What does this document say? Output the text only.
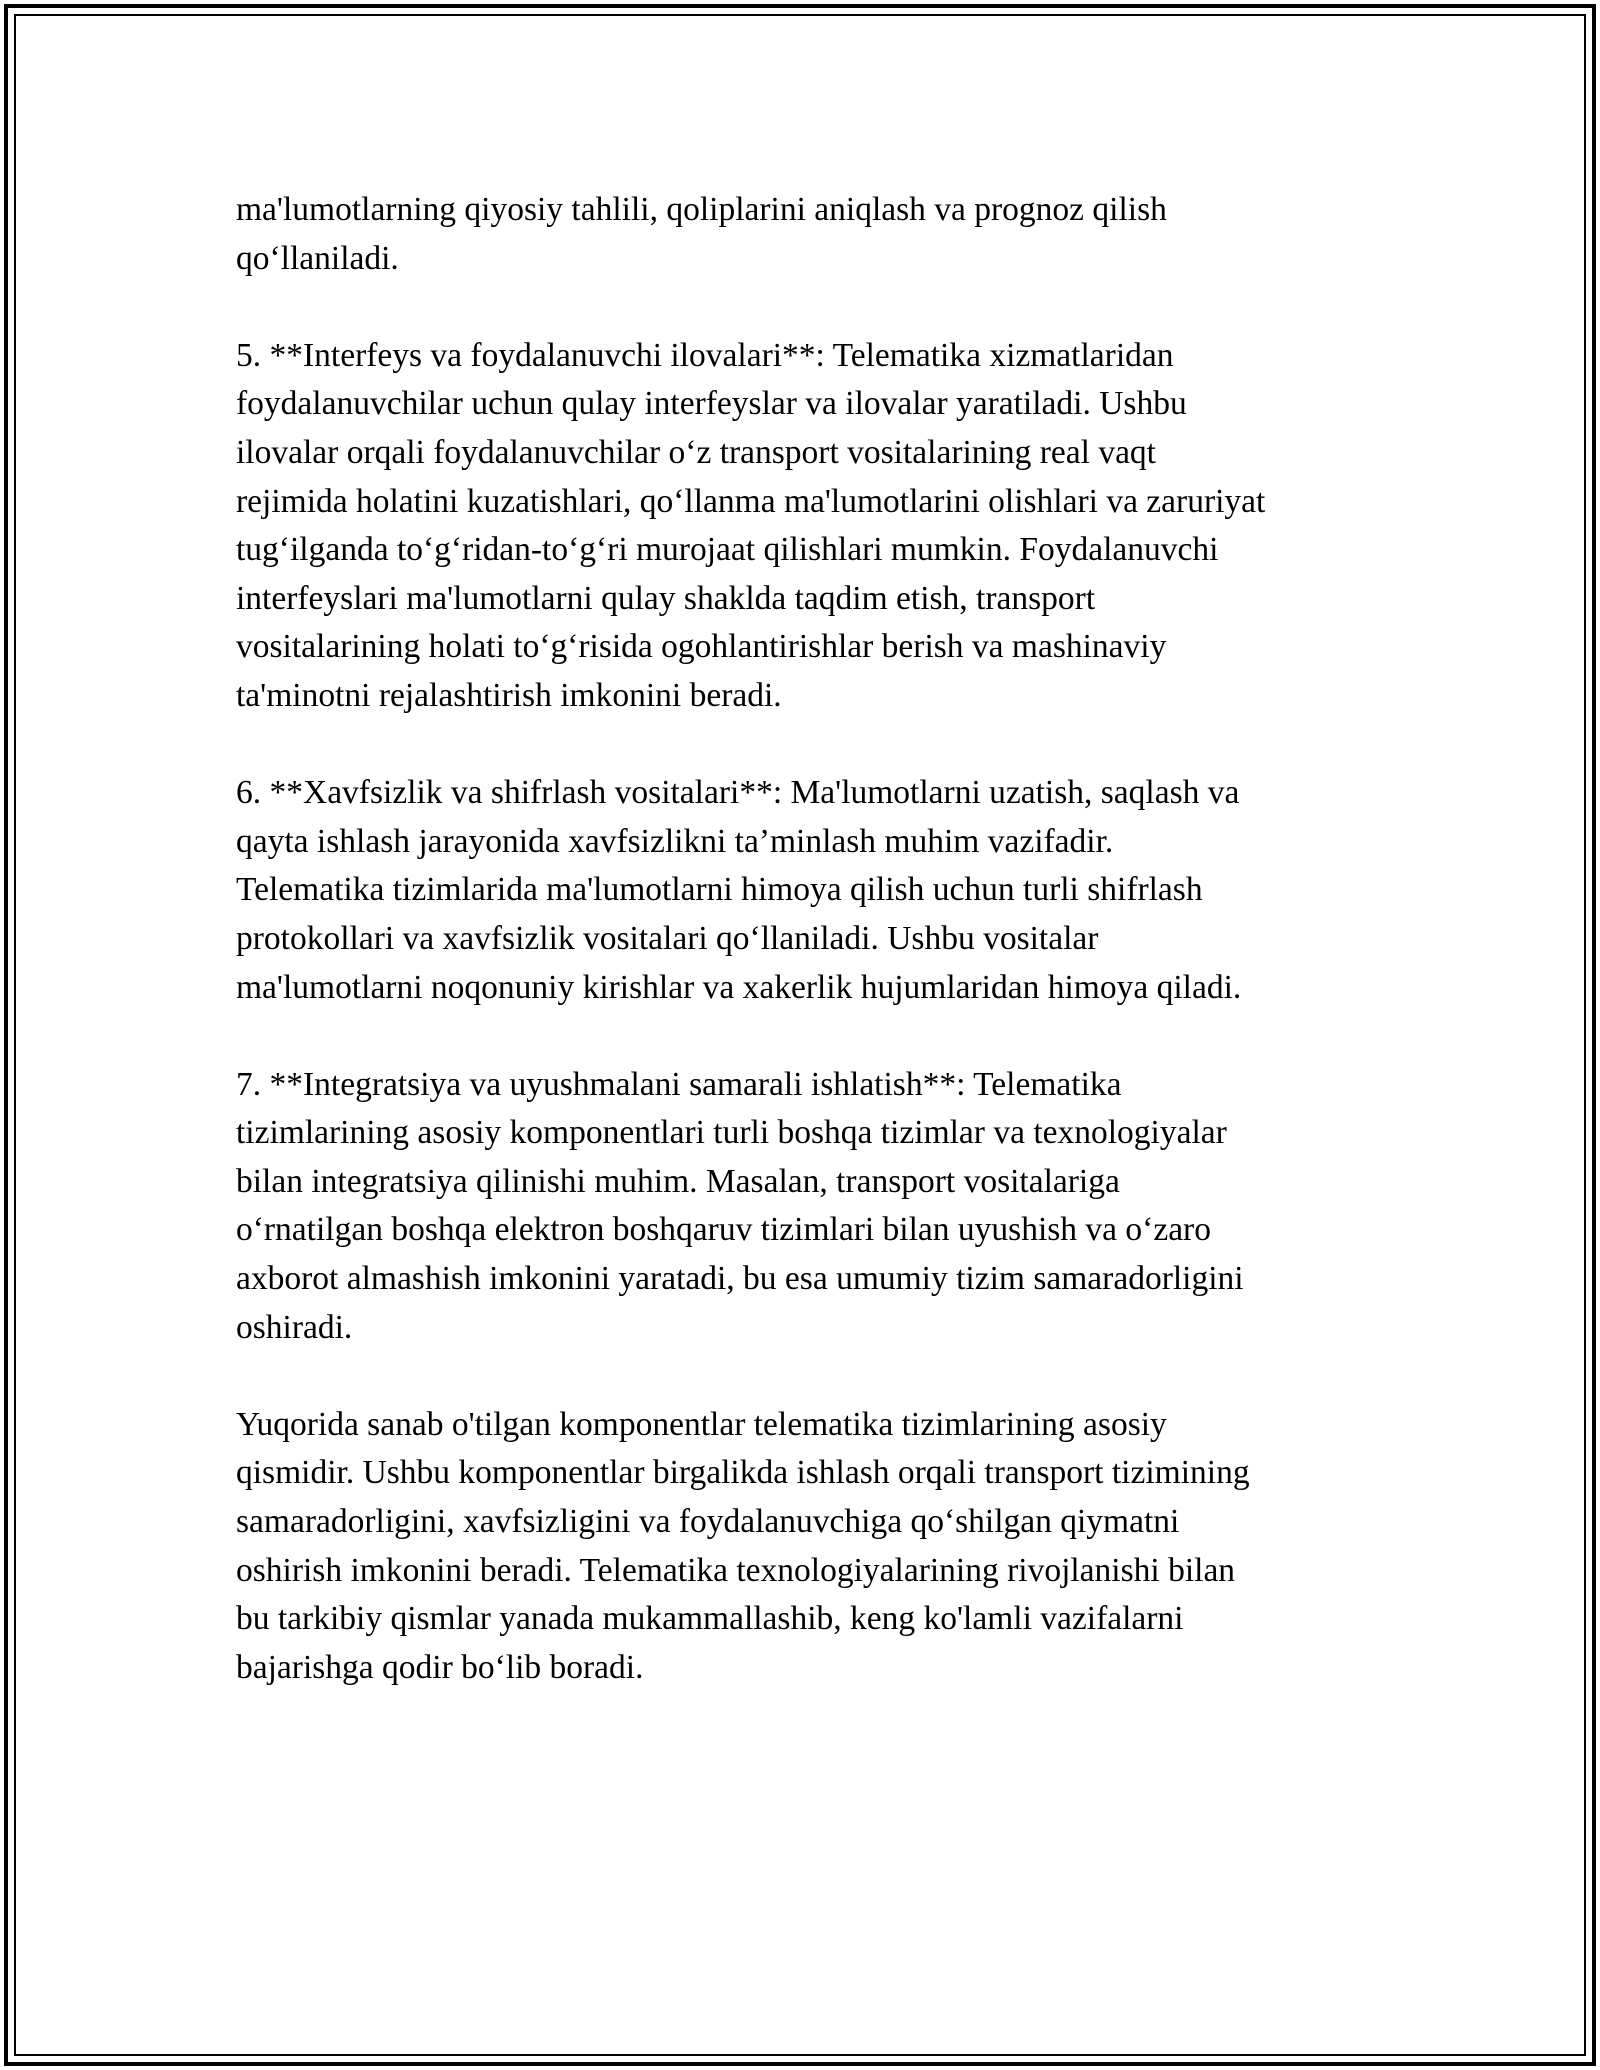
ma'lumotlarning qiyosiy tahlili, qoliplarini aniqlash va prognoz qilish
qo‘llaniladi.
5. **Interfeys va foydalanuvchi ilovalari**: Telematika xizmatlaridan
foydalanuvchilar uchun qulay interfeyslar va ilovalar yaratiladi. Ushbu
ilovalar orqali foydalanuvchilar o‘z transport vositalarining real vaqt
rejimida holatini kuzatishlari, qo‘llanma ma'lumotlarini olishlari va zaruriyat
tug‘ilganda to‘g‘ridan-to‘g‘ri murojaat qilishlari mumkin. Foydalanuvchi
interfeyslari ma'lumotlarni qulay shaklda taqdim etish, transport
vositalarining holati to‘g‘risida ogohlantirishlar berish va mashinaviy
ta'minotni rejalashtirish imkonini beradi.
6. **Xavfsizlik va shifrlash vositalari**: Ma'lumotlarni uzatish, saqlash va
qayta ishlash jarayonida xavfsizlikni ta’minlash muhim vazifadir.
Telematika tizimlarida ma'lumotlarni himoya qilish uchun turli shifrlash
protokollari va xavfsizlik vositalari qo‘llaniladi. Ushbu vositalar
ma'lumotlarni noqonuniy kirishlar va xakerlik hujumlaridan himoya qiladi.
7. **Integratsiya va uyushmalani samarali ishlatish**: Telematika
tizimlarining asosiy komponentlari turli boshqa tizimlar va texnologiyalar
bilan integratsiya qilinishi muhim. Masalan, transport vositalariga
o‘rnatilgan boshqa elektron boshqaruv tizimlari bilan uyushish va o‘zaro
axborot almashish imkonini yaratadi, bu esa umumiy tizim samaradorligini
oshiradi.
Yuqorida sanab o'tilgan komponentlar telematika tizimlarining asosiy
qismidir. Ushbu komponentlar birgalikda ishlash orqali transport tizimining
samaradorligini, xavfsizligini va foydalanuvchiga qo‘shilgan qiymatni
oshirish imkonini beradi. Telematika texnologiyalarining rivojlanishi bilan
bu tarkibiy qismlar yanada mukammallashib, keng ko'lamli vazifalarni
bajarishga qodir bo‘lib boradi.
